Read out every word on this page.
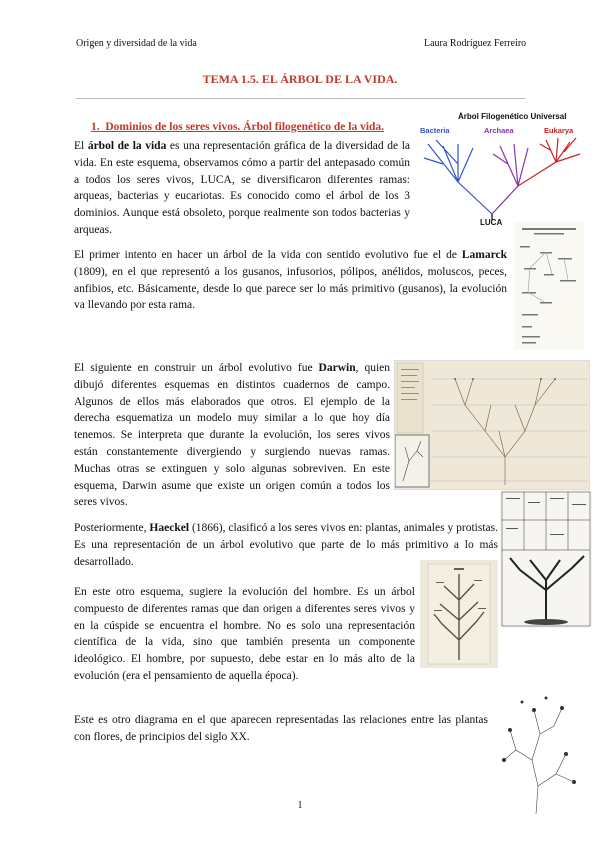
Origen y diversidad de la vida	Laura Rodríguez Ferreiro
TEMA 1.5. EL ÁRBOL DE LA VIDA.
1. Dominios de los seres vivos. Árbol filogenético de la vida.
El árbol de la vida es una representación gráfica de la diversidad de la vida. En este esquema, observamos cómo a partir del antepasado común a todos los seres vivos, LUCA, se diversificaron diferentes ramas: arqueas, bacterias y eucariotas. Es conocido como el árbol de los 3 dominios. Aunque está obsoleto, porque realmente son todos bacterias y arqueas.
El primer intento en hacer un árbol de la vida con sentido evolutivo fue el de Lamarck (1809), en el que representó a los gusanos, infusorios, pólipos, anélidos, moluscos, peces, anfibios, etc. Básicamente, desde lo que parece ser lo más primitivo (gusanos), la evolución va llevando por esta rama.
El siguiente en construir un árbol evolutivo fue Darwin, quien dibujó diferentes esquemas en distintos cuadernos de campo. Algunos de ellos más elaborados que otros. El ejemplo de la derecha esquematiza un modelo muy similar a lo que hoy día tenemos. Se interpreta que durante la evolución, los seres vivos están constantemente divergiendo y surgiendo nuevas ramas. Muchas otras se extinguen y solo algunas sobreviven. En este esquema, Darwin asume que existe un origen común a todos los seres vivos.
Posteriormente, Haeckel (1866), clasificó a los seres vivos en: plantas, animales y protistas. Es una representación de un árbol evolutivo que parte de lo más primitivo a lo más desarrollado.
En este otro esquema, sugiere la evolución del hombre. Es un árbol compuesto de diferentes ramas que dan origen a diferentes seres vivos y en la cúspide se encuentra el hombre. No es solo una representación científica de la vida, sino que también presenta un componente ideológico. El hombre, por supuesto, debe estar en lo más alto de la evolución (era el pensamiento de aquella época).
Este es otro diagrama en el que aparecen representadas las relaciones entre las plantas con flores, de principios del siglo XX.
Árbol Filogenético Universal
Bacteria	Archaea	Eukarya
LUCA
1
